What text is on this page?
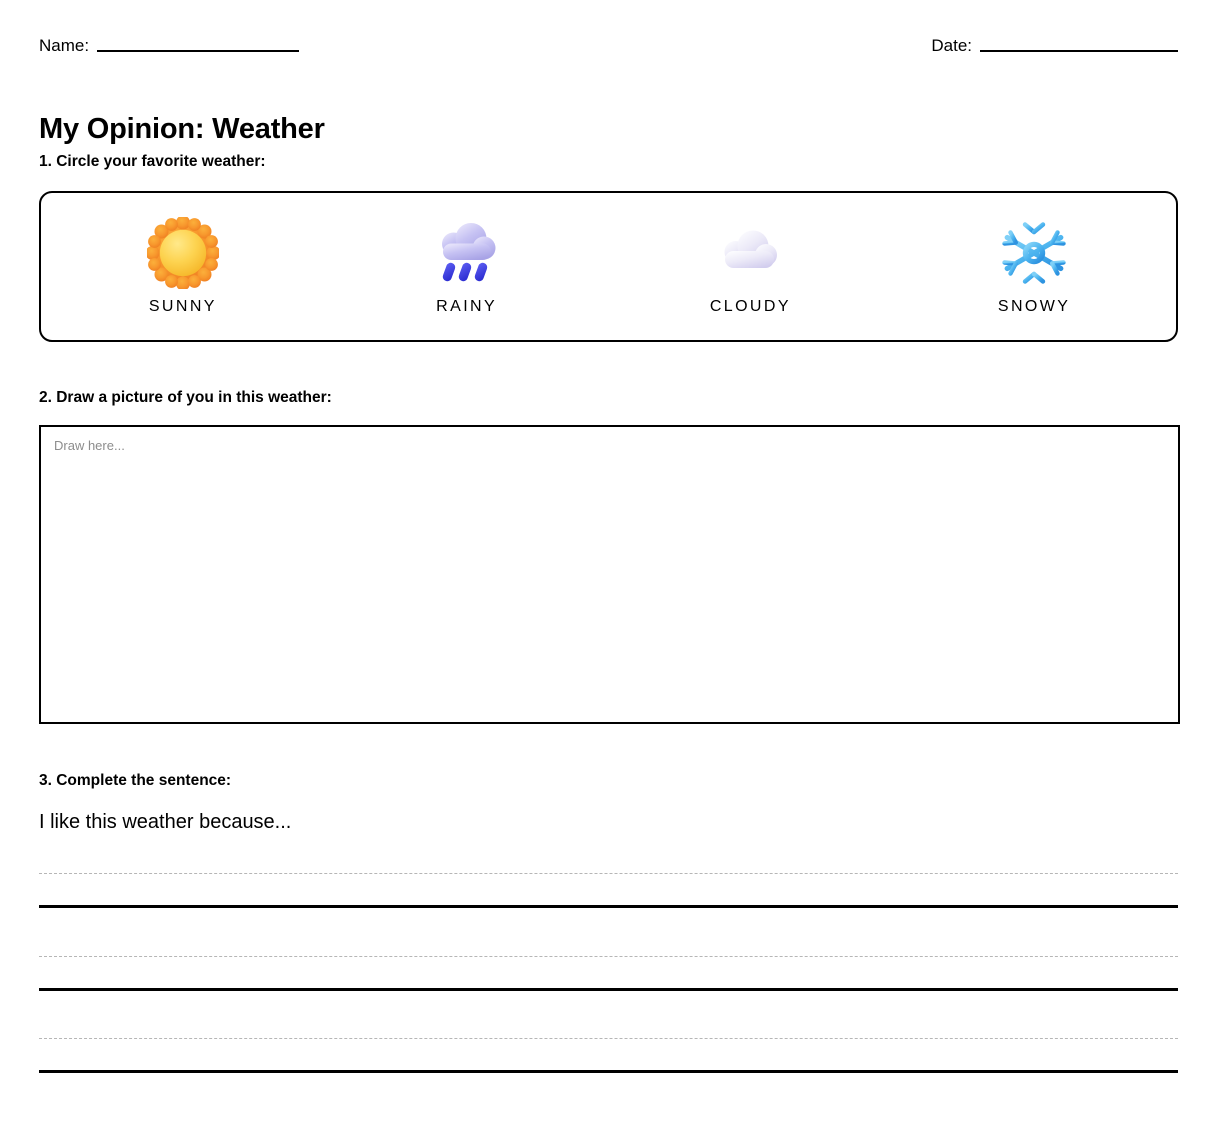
Name:	Date:
My Opinion: Weather
1. Circle your favorite weather:
SUNNY	RAINY	CLOUDY	SNOWY
2. Draw a picture of you in this weather:
Draw here...
3. Complete the sentence:
I like this weather because...
